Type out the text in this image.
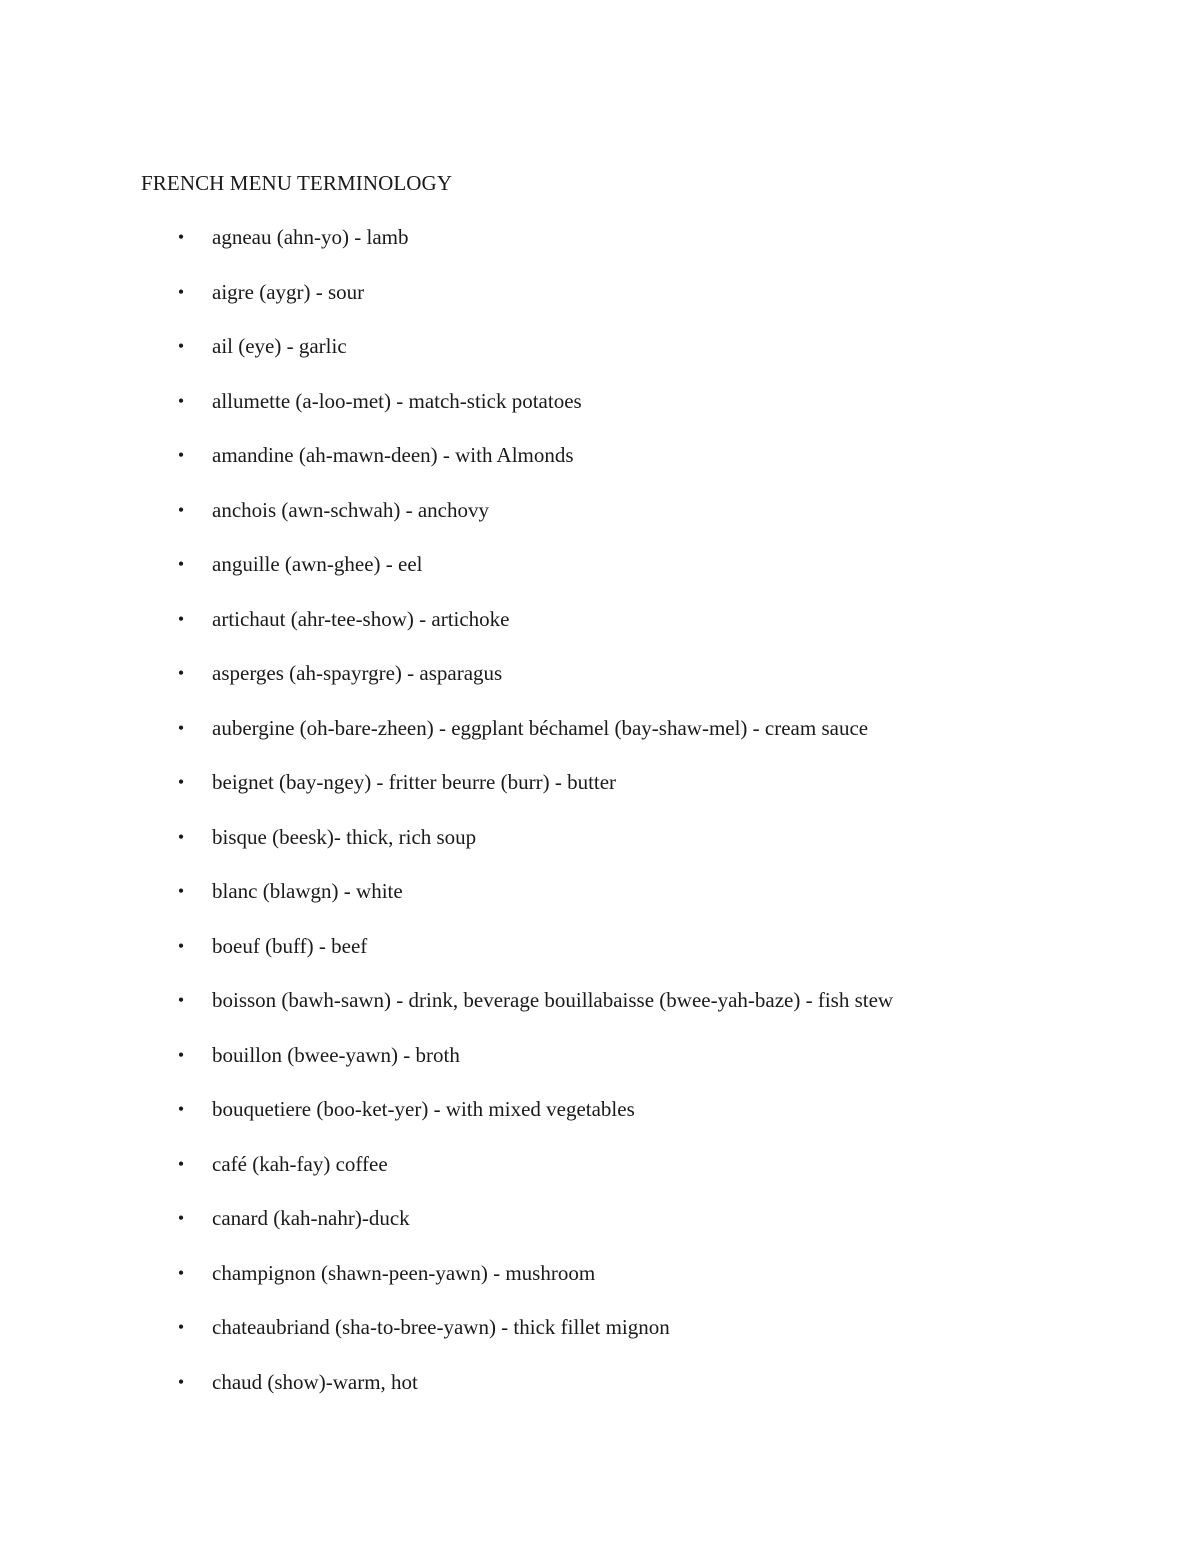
FRENCH MENU TERMINOLOGY
• agneau (ahn-yo) - lamb
• aigre (aygr) - sour
• ail (eye) - garlic
• allumette (a-loo-met) - match-stick potatoes
• amandine (ah-mawn-deen) - with Almonds
• anchois (awn-schwah) - anchovy
• anguille (awn-ghee) - eel
• artichaut (ahr-tee-show) - artichoke
• asperges (ah-spayrgre) - asparagus
• aubergine (oh-bare-zheen) - eggplant béchamel (bay-shaw-mel) - cream sauce
• beignet (bay-ngey) - fritter beurre (burr) - butter
• bisque (beesk)- thick, rich soup
• blanc (blawgn) - white
• boeuf (buff) - beef
• boisson (bawh-sawn) - drink, beverage bouillabaisse (bwee-yah-baze) - fish stew
• bouillon (bwee-yawn) - broth
• bouquetiere (boo-ket-yer) - with mixed vegetables
• café (kah-fay) coffee
• canard (kah-nahr)-duck
• champignon (shawn-peen-yawn) - mushroom
• chateaubriand (sha-to-bree-yawn) - thick fillet mignon
• chaud (show)-warm, hot
